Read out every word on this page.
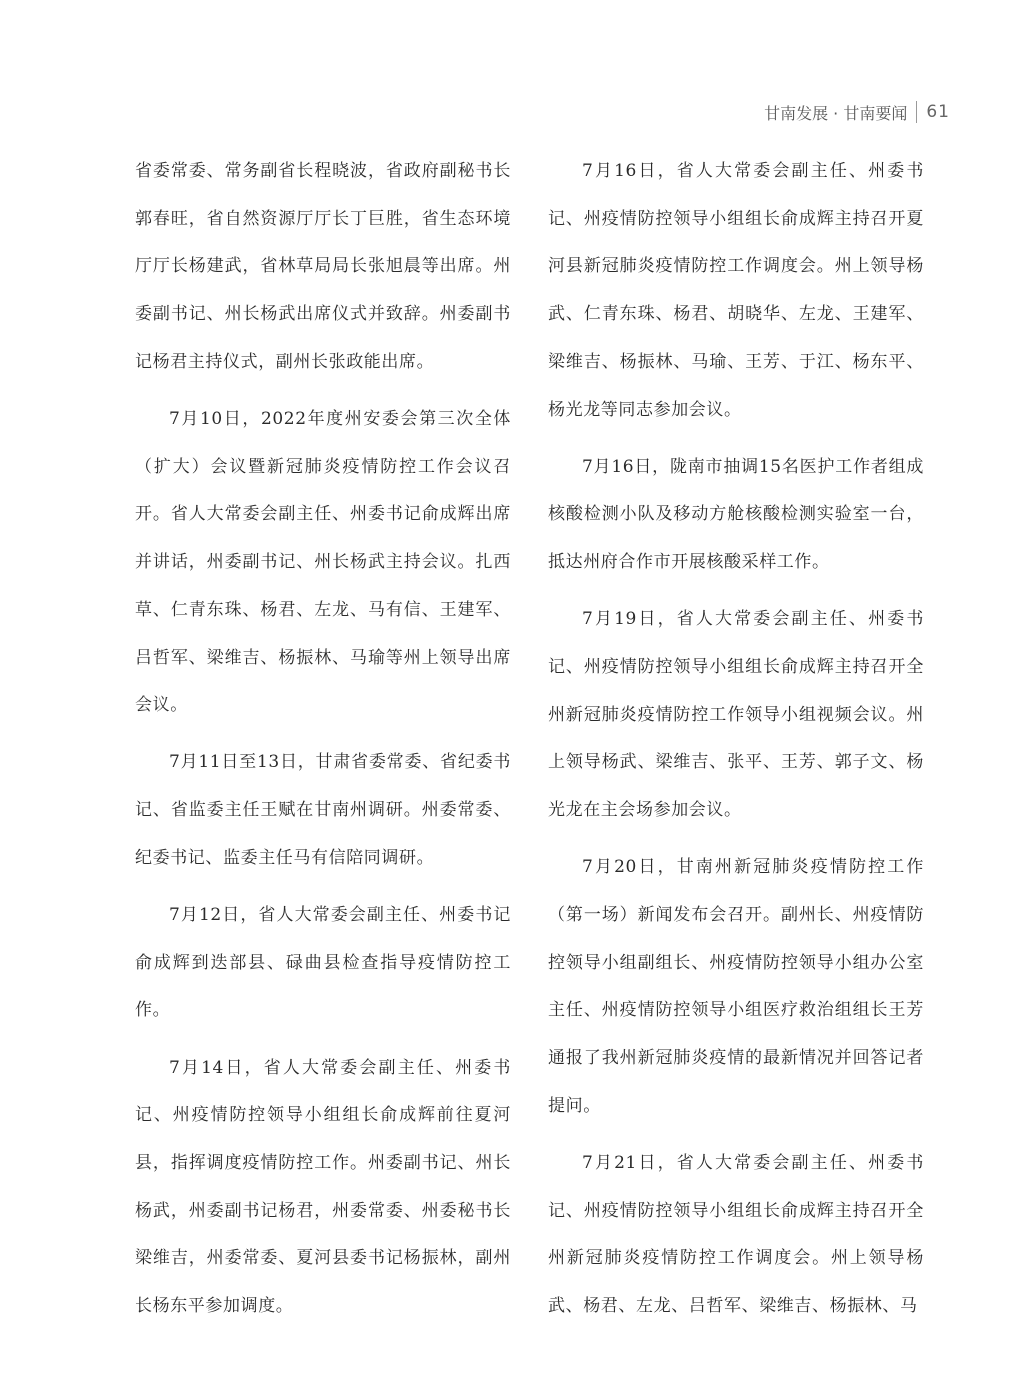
甘南发展 · 甘南要闻 61

省委常委、常务副省长程晓波，省政府副秘书长郭春旺，省自然资源厅厅长丁巨胜，省生态环境厅厅长杨建武，省林草局局长张旭晨等出席。州委副书记、州长杨武出席仪式并致辞。州委副书记杨君主持仪式，副州长张政能出席。

7月10日，2022年度州安委会第三次全体（扩大）会议暨新冠肺炎疫情防控工作会议召开。省人大常委会副主任、州委书记俞成辉出席并讲话，州委副书记、州长杨武主持会议。扎西草、仁青东珠、杨君、左龙、马有信、王建军、吕哲军、梁维吉、杨振林、马瑜等州上领导出席会议。

7月11日至13日，甘肃省委常委、省纪委书记、省监委主任王赋在甘南州调研。州委常委、纪委书记、监委主任马有信陪同调研。

7月12日，省人大常委会副主任、州委书记俞成辉到迭部县、碌曲县检查指导疫情防控工作。

7月14日，省人大常委会副主任、州委书记、州疫情防控领导小组组长俞成辉前往夏河县，指挥调度疫情防控工作。州委副书记、州长杨武，州委副书记杨君，州委常委、州委秘书长梁维吉，州委常委、夏河县委书记杨振林，副州长杨东平参加调度。

7月16日，省人大常委会副主任、州委书记、州疫情防控领导小组组长俞成辉主持召开夏河县新冠肺炎疫情防控工作调度会。州上领导杨武、仁青东珠、杨君、胡晓华、左龙、王建军、梁维吉、杨振林、马瑜、王芳、于江、杨东平、杨光龙等同志参加会议。

7月16日，陇南市抽调15名医护工作者组成核酸检测小队及移动方舱核酸检测实验室一台，抵达州府合作市开展核酸采样工作。

7月19日，省人大常委会副主任、州委书记、州疫情防控领导小组组长俞成辉主持召开全州新冠肺炎疫情防控工作领导小组视频会议。州上领导杨武、梁维吉、张平、王芳、郭子文、杨光龙在主会场参加会议。

7月20日，甘南州新冠肺炎疫情防控工作（第一场）新闻发布会召开。副州长、州疫情防控领导小组副组长、州疫情防控领导小组办公室主任、州疫情防控领导小组医疗救治组组长王芳通报了我州新冠肺炎疫情的最新情况并回答记者提问。

7月21日，省人大常委会副主任、州委书记、州疫情防控领导小组组长俞成辉主持召开全州新冠肺炎疫情防控工作调度会。州上领导杨武、杨君、左龙、吕哲军、梁维吉、杨振林、马
